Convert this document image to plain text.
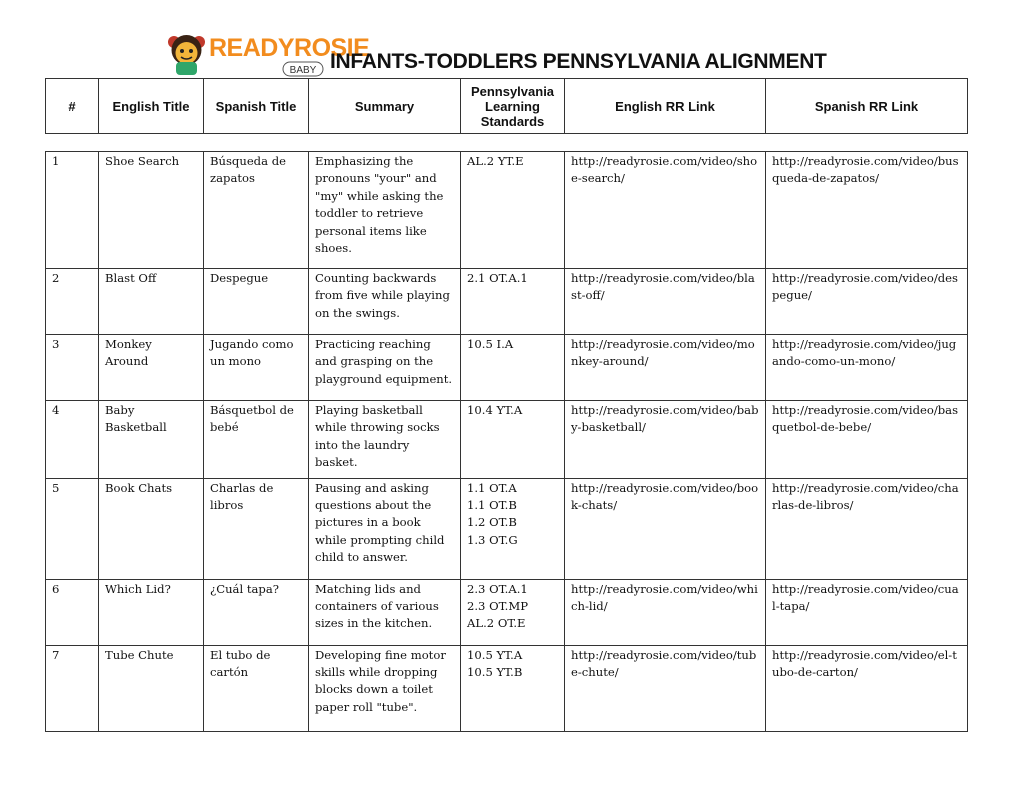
READYROSIE
BABY INFANTS-TODDLERS PENNSYLVANIA ALIGNMENT
#	English Title	Spanish Title	Summary	Pennsylvania Learning Standards	English RR Link	Spanish RR Link
1	Shoe Search	Búsqueda de zapatos	Emphasizing the pronouns "your" and "my" while asking the toddler to retrieve personal items like shoes.	AL.2 YT.E	http://readyrosie.com/video/shoe-search/	http://readyrosie.com/video/busqueda-de-zapatos/
2	Blast Off	Despegue	Counting backwards from five while playing on the swings.	2.1 OT.A.1	http://readyrosie.com/video/blast-off/	http://readyrosie.com/video/despegue/
3	Monkey Around	Jugando como un mono	Practicing reaching and grasping on the playground equipment.	10.5 I.A	http://readyrosie.com/video/monkey-around/	http://readyrosie.com/video/jugando-como-un-mono/
4	Baby Basketball	Básquetbol de bebé	Playing basketball while throwing socks into the laundry basket.	10.4 YT.A	http://readyrosie.com/video/baby-basketball/	http://readyrosie.com/video/basquetbol-de-bebe/
5	Book Chats	Charlas de libros	Pausing and asking questions about the pictures in a book while prompting child child to answer.	1.1 OT.A
1.1 OT.B
1.2 OT.B
1.3 OT.G	http://readyrosie.com/video/book-chats/	http://readyrosie.com/video/charlas-de-libros/
6	Which Lid?	¿Cuál tapa?	Matching lids and containers of various sizes in the kitchen.	2.3 OT.A.1
2.3 OT.MP
AL.2 OT.E	http://readyrosie.com/video/which-lid/	http://readyrosie.com/video/cual-tapa/
7	Tube Chute	El tubo de cartón	Developing fine motor skills while dropping blocks down a toilet paper roll "tube".	10.5 YT.A
10.5 YT.B	http://readyrosie.com/video/tube-chute/	http://readyrosie.com/video/el-tubo-de-carton/
